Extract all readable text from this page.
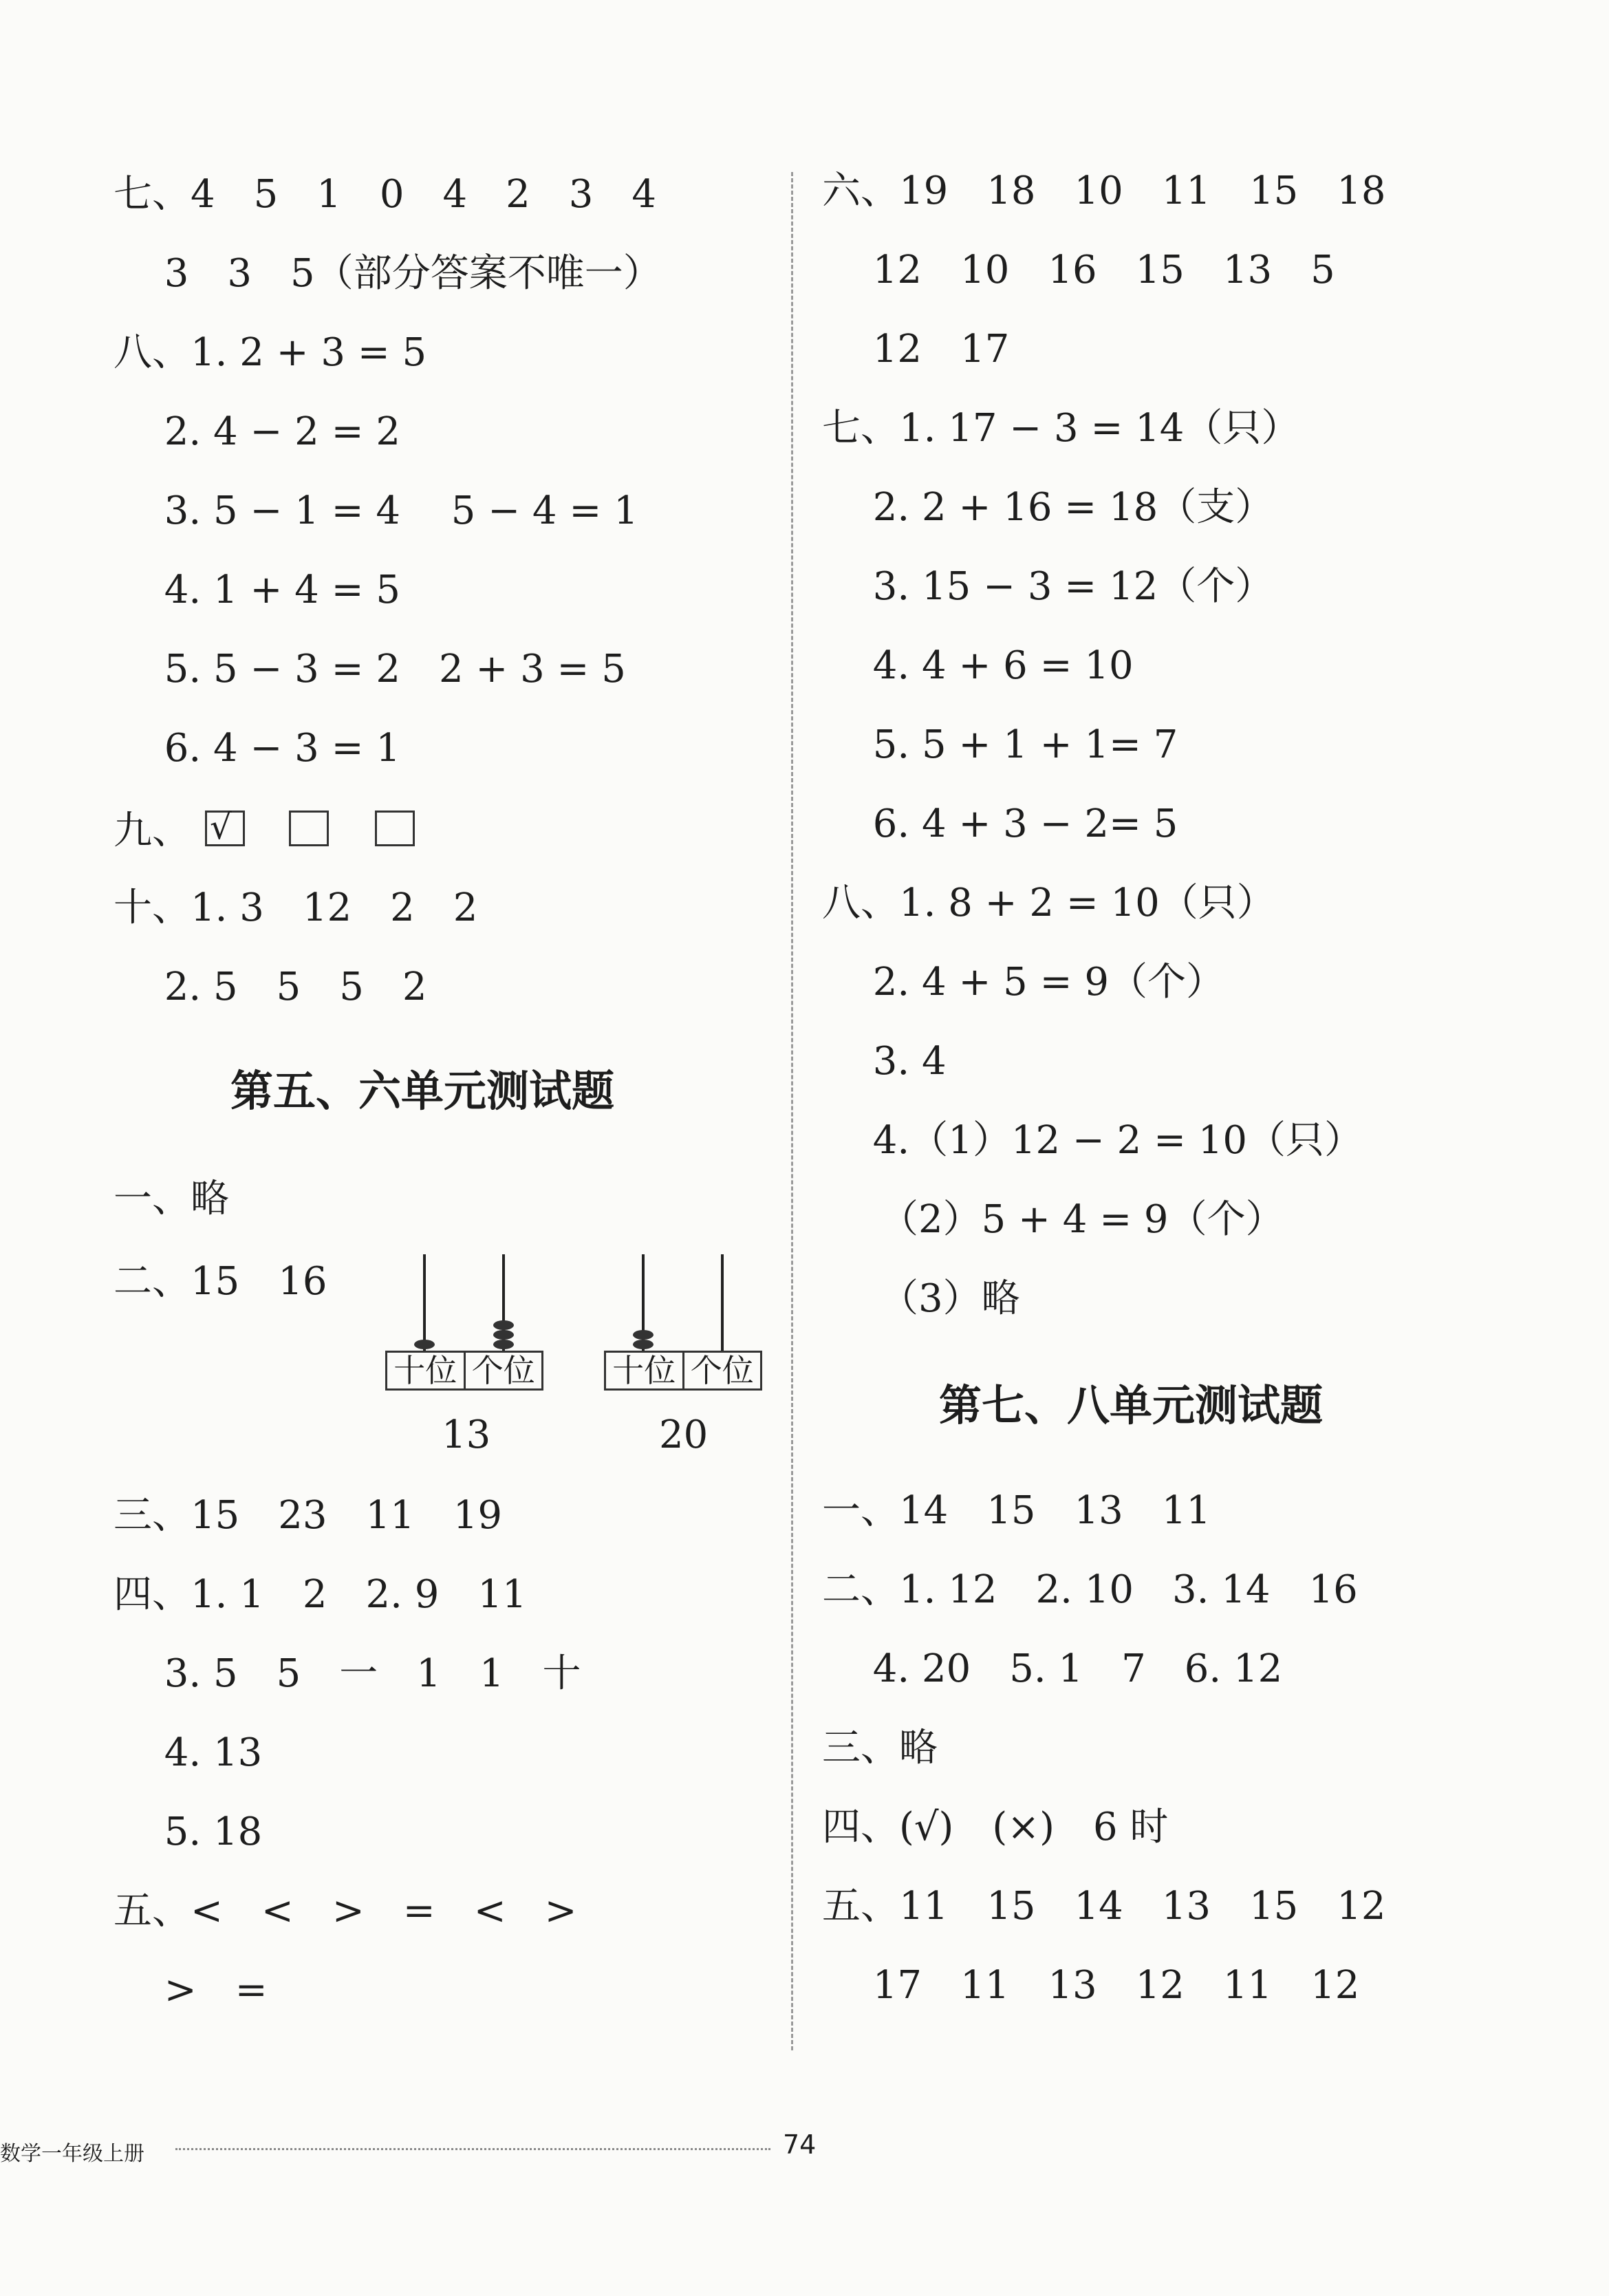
七、4　5　1　0　4　2　3　4
　 3　3　5（部分答案不唯一）
八、1. 2 + 3 = 5
　 2. 4 − 2 = 2
　 3. 5 − 1 = 4　 5 − 4 = 1
　 4. 1 + 4 = 5
　 5. 5 − 3 = 2　2 + 3 = 5
　 6. 4 − 3 = 1
九、 √
十、1. 3　12　2　2
　 2. 5　5　5　2
第五、六单元测试题
一、略
二、15　16
十位 个位
13
十位 个位
20
三、15　23　11　19
四、1. 1　2　2. 9　11
　 3. 5　5　一　1　1　十
　 4. 13
　 5. 18
五、<　<　>　=　<　>
　 >　=
六、19　18　10　11　15　18
　 12　10　16　15　13　5
　 12　17
七、1. 17 − 3 = 14（只）
　 2. 2 + 16 = 18（支）
　 3. 15 − 3 = 12（个）
　 4. 4 + 6 = 10
　 5. 5 + 1 + 1= 7
　 6. 4 + 3 − 2= 5
八、1. 8 + 2 = 10（只）
　 2. 4 + 5 = 9（个）
　 3. 4
　 4.（1）12 − 2 = 10（只）
　　（2）5 + 4 = 9（个）
　　（3）略
第七、八单元测试题
一、14　15　13　11
二、1. 12　2. 10　3. 14　16
　 4. 20　5. 1　7　6. 12
三、略
四、(√)　(×)　6 时
五、11　15　14　13　15　12
　 17　11　13　12　11　12
数学一年级上册	74
